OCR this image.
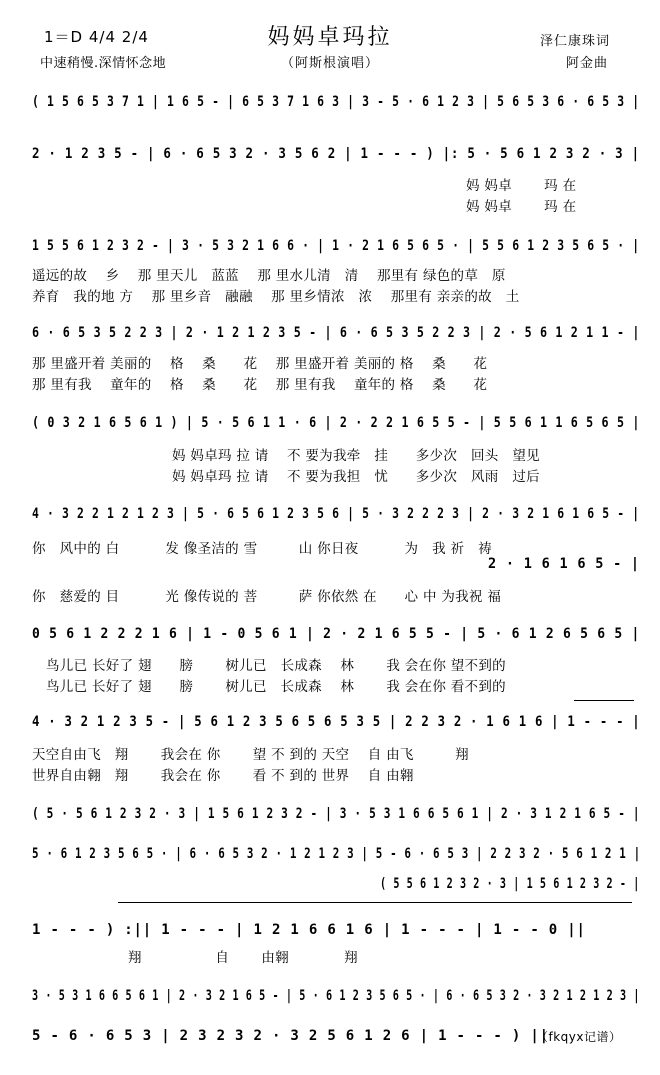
1＝D 4/4 2/4
中速稍慢.深情怀念地
妈妈卓玛拉
（阿斯根演唱）
泽仁康珠词
阿金曲
( 1 5 6 5 3 7 1 | 1 6 5 - | 6 5 3 7 1 6 3 | 3 - 5 · 6 1 2 3 | 5 6 5 3 6 · 6 5 3 |
2 · 1 2 3 5 - | 6 · 6 5 3 2 · 3 5 6 2 | 1 - - - ) |: 5 · 5 6 1 2 3 2 · 3 |
妈 妈卓　　 玛 在
妈 妈卓　　 玛 在
1 5 5 6 1 2 3 2 - | 3 · 5 3 2 1 6 6 · | 1 · 2 1 6 5 6 5 · | 5 5 6 1 2 3 5 6 5 · |
遥远的故　 乡　 那 里天儿　蓝蓝　 那 里水儿清　清　 那里有 绿色的草　原
养育　我的地 方　 那 里乡音　融融　 那 里乡情浓　浓　 那里有 亲亲的故　土
6 · 6 5 3 5 2 2 3 | 2 · 1 2 1 2 3 5 - | 6 · 6 5 3 5 2 2 3 | 2 · 5 6 1 2 1 1 - |
那 里盛开着 美丽的　 格　 桑　　花　 那 里盛开着 美丽的 格　 桑　　花
那 里有我　 童年的　 格　 桑　　花　 那 里有我　 童年的 格　 桑　　花
( 0 3 2 1 6 5 6 1 ) | 5 · 5 6 1 1 · 6 | 2 · 2 2 1 6 5 5 - | 5 5 6 1 1 6 5 6 5 |
妈 妈卓玛 拉 请　 不 要为我牵　挂　　多少次　回头　望见
妈 妈卓玛 拉 请　 不 要为我担　忧　　多少次　风雨　过后
4 · 3 2 2 1 2 1 2 3 | 5 · 6 5 6 1 2 3 5 6 | 5 · 3 2 2 2 3 | 2 · 3 2 1 6 1 6 5 - |
你　风中的 白　　　 发 像圣洁的 雪　　　山 你日夜　　　 为　我 祈　祷
2 · 1 6 1 6 5 - |
你　慈爱的 目　　　 光 像传说的 菩　　　萨 你依然 在　　心 中 为我祝 福
0 5 6 1 2 2 2 1 6 | 1 - 0 5 6 1 | 2 · 2 1 6 5 5 - | 5 · 6 1 2 6 5 6 5 |
鸟儿已 长好了 翅　　膀　　 树儿已　长成森　 林　　 我 会在你 望不到的
鸟儿已 长好了 翅　　膀　　 树儿已　长成森　 林　　 我 会在你 看不到的
4 · 3 2 1 2 3 5 - | 5 6 1 2 3 5 6 5 6 5 3 5 | 2 2 3 2 · 1 6 1 6 | 1 - - - |
天空自由飞　翔　　 我会在 你　　 望 不 到的 天空　 自 由飞　　　翔
世界自由翱　翔　　 我会在 你　　 看 不 到的 世界　 自 由翱
( 5 · 5 6 1 2 3 2 · 3 | 1 5 6 1 2 3 2 - | 3 · 5 3 1 6 6 5 6 1 | 2 · 3 1 2 1 6 5 - |
5 · 6 1 2 3 5 6 5 · | 6 · 6 5 3 2 · 1 2 1 2 3 | 5 - 6 · 6 5 3 | 2 2 3 2 · 5 6 1 2 1 |
( 5 5 6 1 2 3 2 · 3 | 1 5 6 1 2 3 2 - |
1 - - - ) :|| 1 - - - | 1 2 1 6 6 1 6 | 1 - - - | 1 - - 0 ||
翔　　　　　 自　　 由翱　　　　翔
3 · 5 3 1 6 6 5 6 1 | 2 · 3 2 1 6 5 - | 5 · 6 1 2 3 5 6 5 · | 6 · 6 5 3 2 · 3 2 1 2 1 2 3 |
5 - 6 · 6 5 3 | 2 3 2 3 2 · 3 2 5 6 1 2 6 | 1 - - - ) ||
（fkqyx记谱）
